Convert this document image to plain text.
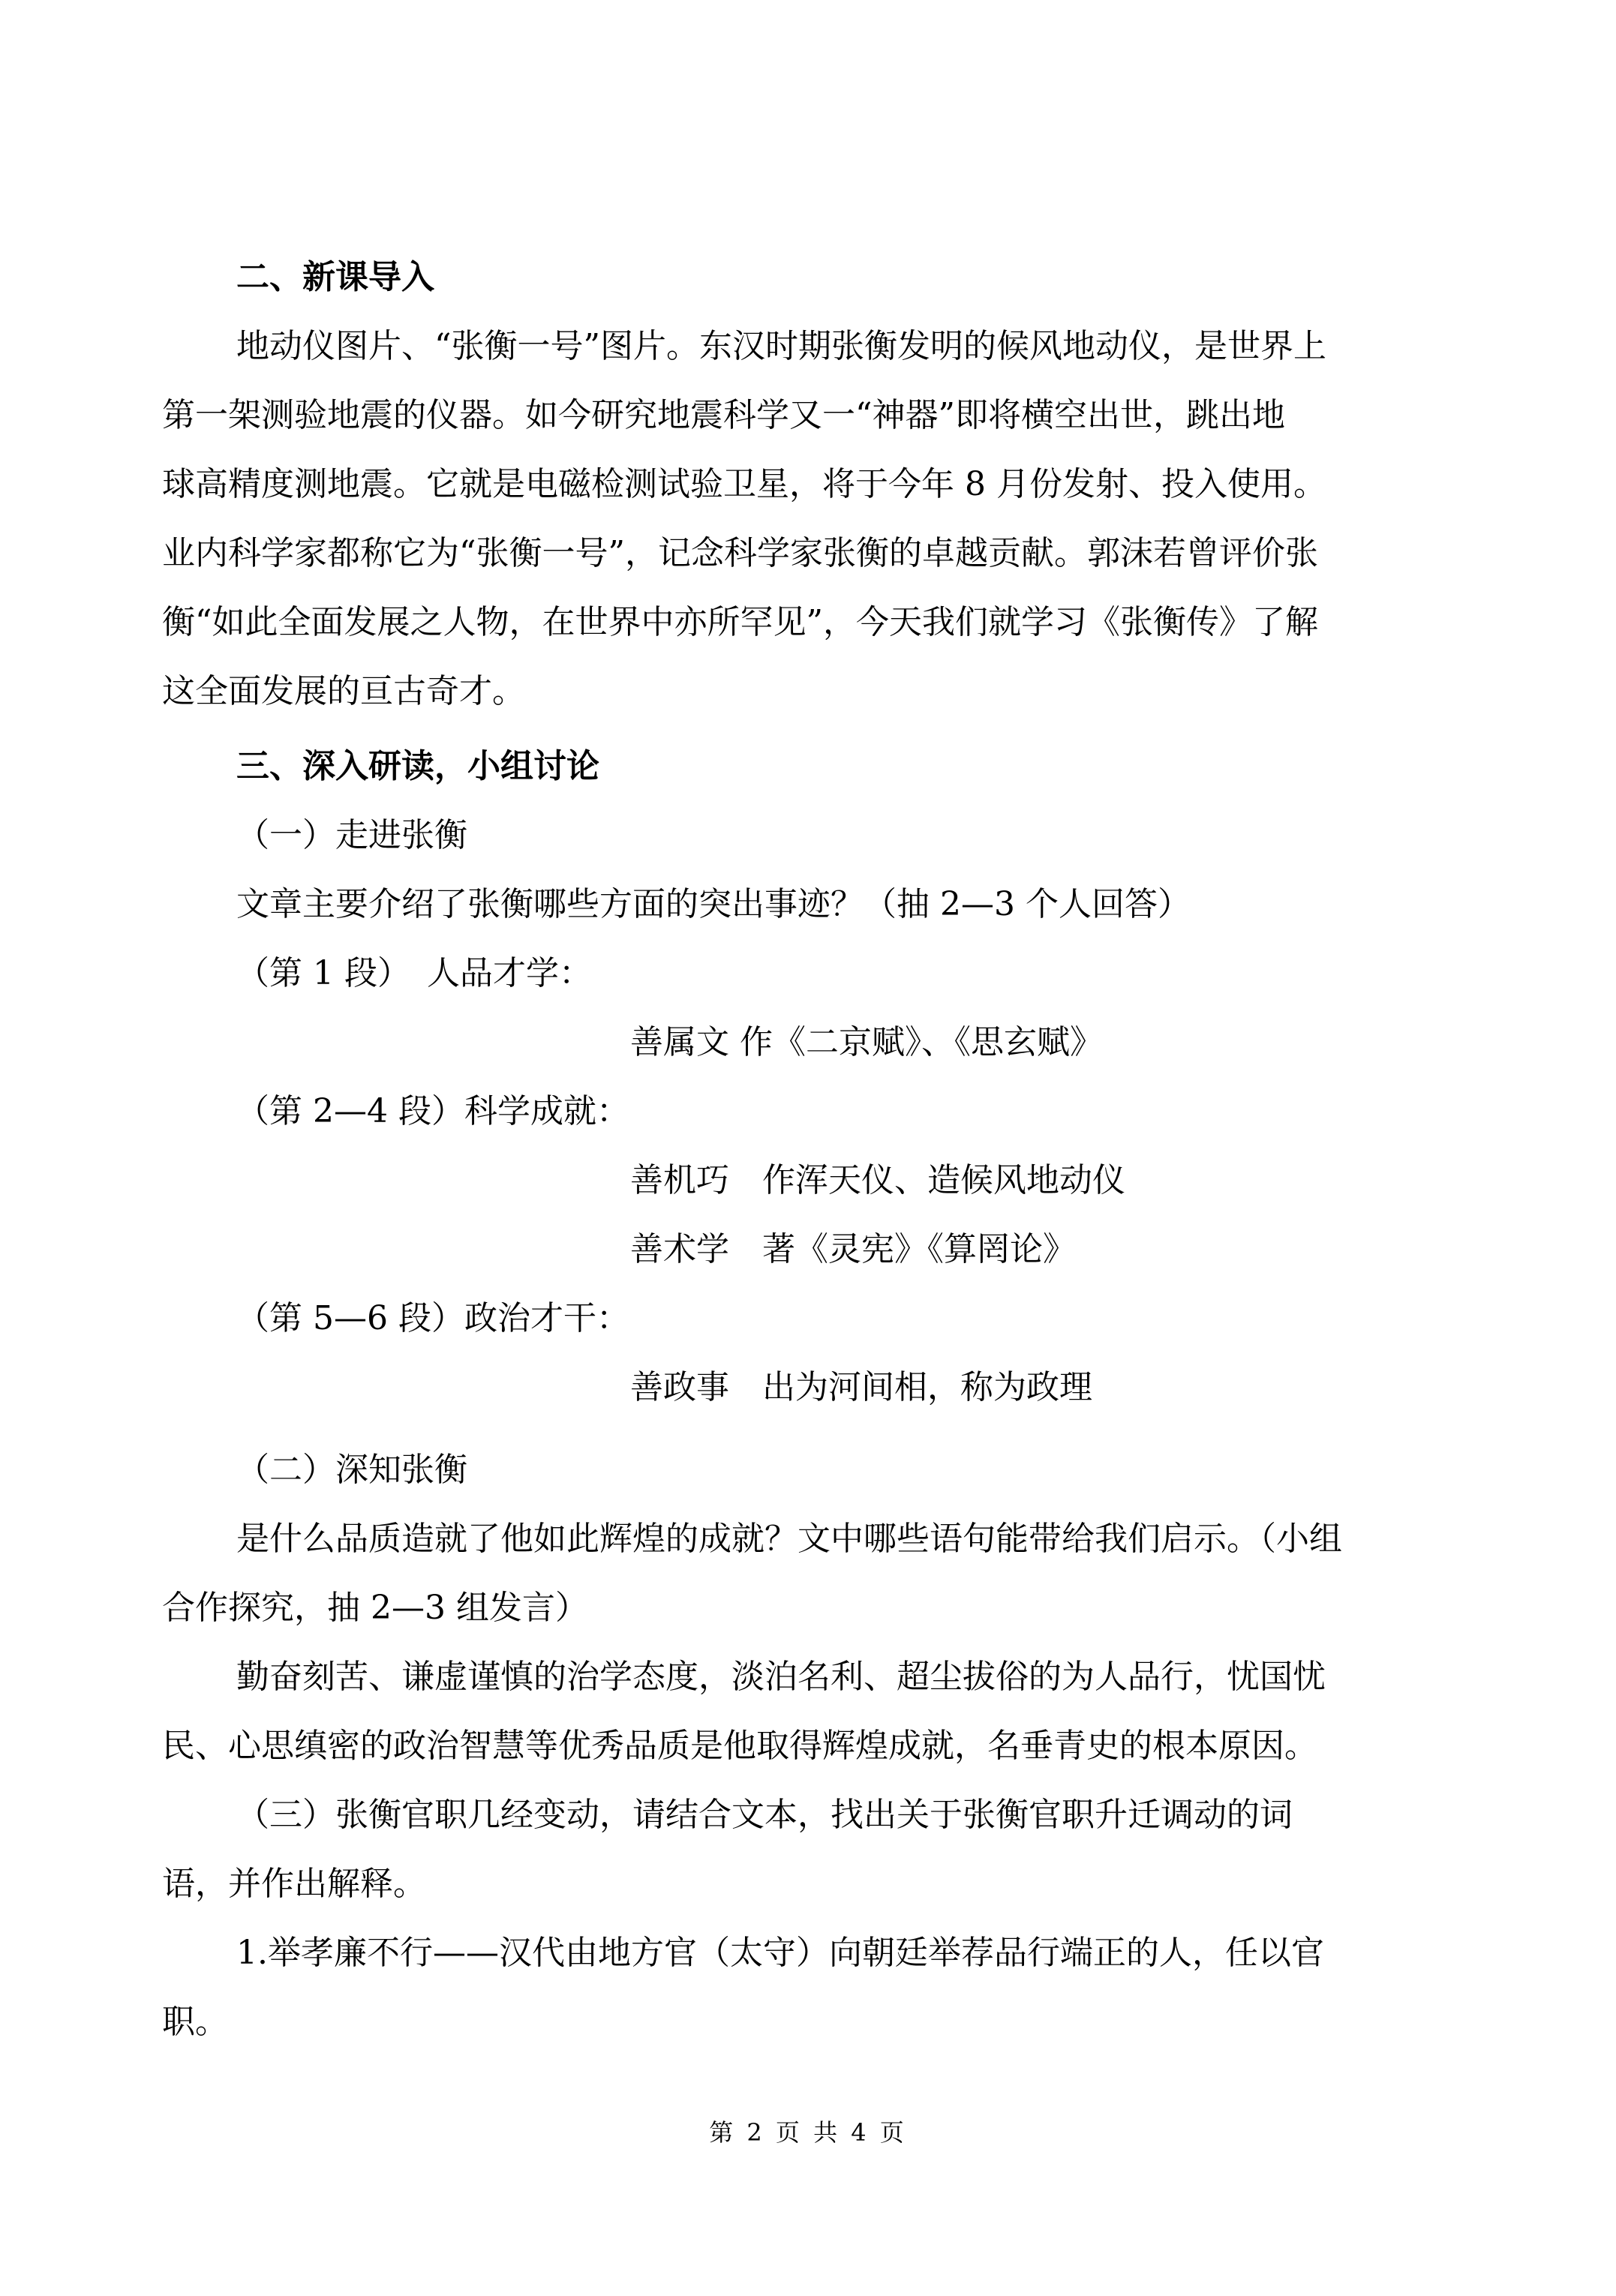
二、新课导入
地动仪图片、“张衡一号”图片。东汉时期张衡发明的候风地动仪，是世界上
第一架测验地震的仪器。如今研究地震科学又一“神器”即将横空出世，跳出地
球高精度测地震。它就是电磁检测试验卫星，将于今年 8 月份发射、投入使用。
业内科学家都称它为“张衡一号”，记念科学家张衡的卓越贡献。郭沫若曾评价张
衡“如此全面发展之人物，在世界中亦所罕见”，今天我们就学习《张衡传》了解
这全面发展的亘古奇才。
三、深入研读，小组讨论
（一）走进张衡
文章主要介绍了张衡哪些方面的突出事迹？（抽 2—3 个人回答）
（第 1 段）　人品才学：
善属文 作《二京赋》、《思玄赋》
（第 2—4 段）科学成就：
善机巧　作浑天仪、造候风地动仪
善术学　著《灵宪》《算罔论》
（第 5—6 段）政治才干：
善政事　出为河间相，称为政理
（二）深知张衡
是什么品质造就了他如此辉煌的成就？文中哪些语句能带给我们启示。（小组
合作探究，抽 2—3 组发言）
勤奋刻苦、谦虚谨慎的治学态度，淡泊名利、超尘拔俗的为人品行，忧国忧
民、心思缜密的政治智慧等优秀品质是他取得辉煌成就，名垂青史的根本原因。
（三）张衡官职几经变动，请结合文本，找出关于张衡官职升迁调动的词
语，并作出解释。
1.举孝廉不行——汉代由地方官（太守）向朝廷举荐品行端正的人，任以官
职。
第 2 页 共 4 页
